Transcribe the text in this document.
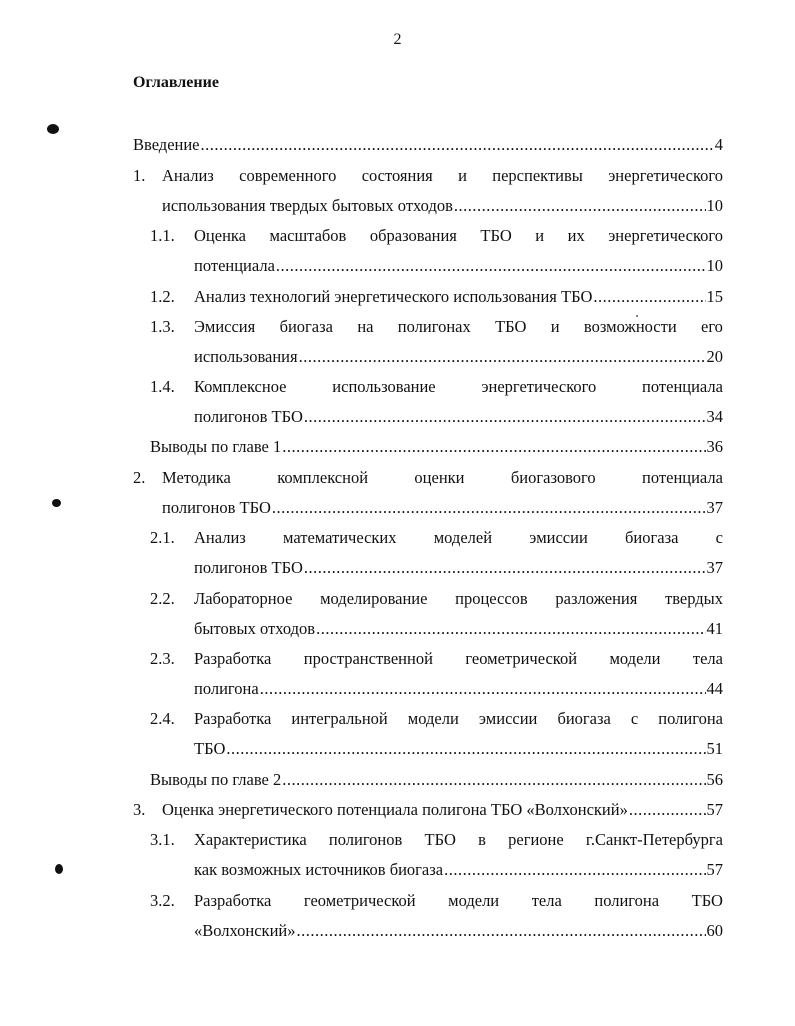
2
Оглавление
Введение .....	4
1. Анализ современного состояния и перспективы энергетического
использования твердых бытовых отходов .....	10
1.1. Оценка масштабов образования ТБО и их энергетического
потенциала .....	10
1.2. Анализ технологий энергетического использования ТБО .....	15
1.3. Эмиссия биогаза на полигонах ТБО и возможности его
использования .....	20
1.4. Комплексное	использование	энергетического	потенциала
полигонов ТБО .....	34
Выводы по главе 1 .....	36
2. Методика	комплексной	оценки	биогазового	потенциала
полигонов ТБО .....	37
2.1. Анализ математических моделей эмиссии биогаза с
полигонов ТБО .....	37
2.2. Лабораторное моделирование процессов разложения твердых
бытовых отходов .....	41
2.3. Разработка пространственной геометрической модели тела
полигона .....	44
2.4. Разработка интегральной модели эмиссии биогаза с полигона
ТБО .....	51
Выводы по главе 2 .....	56
3. Оценка энергетического потенциала полигона ТБО «Волхонский» .....	57
3.1. Характеристика полигонов ТБО в регионе г.Санкт-Петербурга
как возможных источников биогаза .....	57
3.2. Разработка геометрической модели тела полигона ТБО
«Волхонский» .....	60
